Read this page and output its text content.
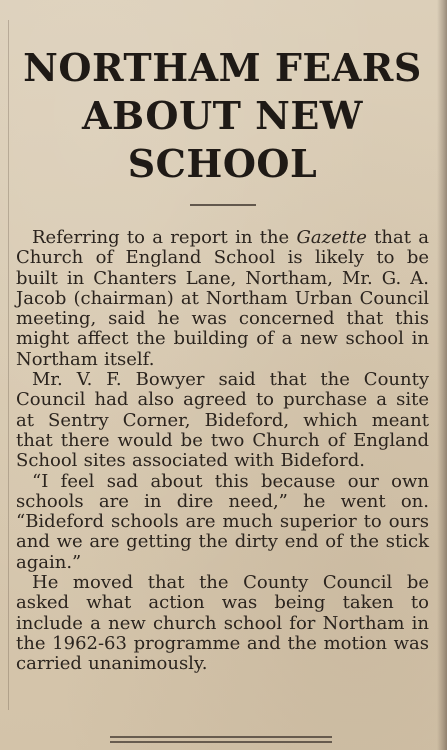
NORTHAM FEARS
ABOUT NEW
SCHOOL

Referring to a report in the Gazette that a Church of England School is likely to be built in Chanters Lane, Northam, Mr. G. A. Jacob (chairman) at Northam Urban Council meeting, said he was concerned that this might affect the building of a new school in Northam itself.

Mr. V. F. Bowyer said that the County Council had also agreed to purchase a site at Sentry Corner, Bideford, which meant that there would be two Church of England School sites associated with Bideford.

“I feel sad about this because our own schools are in dire need,” he went on. “Bideford schools are much superior to ours and we are getting the dirty end of the stick again.”

He moved that the County Council be asked what action was being taken to include a new church school for Northam in the 1962-63 programme and the motion was carried unanimously.
